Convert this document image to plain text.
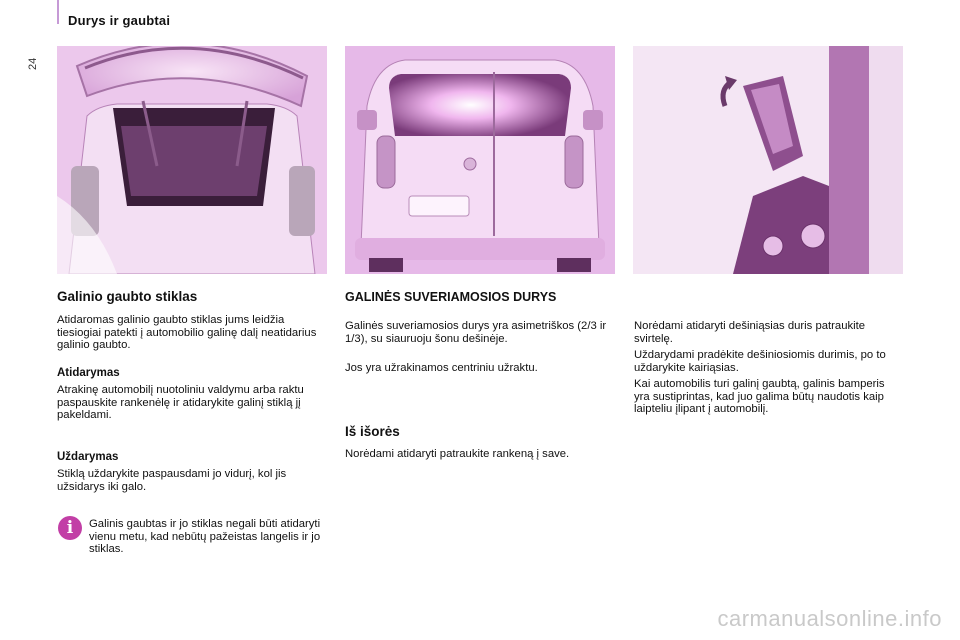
Durys ir gaubtai
24
Galinio gaubto stiklas
Atidaromas galinio gaubto stiklas jums leidžia tiesiogiai patekti į automobilio galinę dalį neatidarius galinio gaubto.
Atidarymas
Atrakinę automobilį nuotoliniu valdymu arba raktu paspauskite rankenėlę ir atidarykite galinį stiklą jį pakeldami.
Uždarymas
Stiklą uždarykite paspausdami jo vidurį, kol jis užsidarys iki galo.
i	Galinis gaubtas ir jo stiklas negali būti atidaryti vienu metu, kad nebūtų pažeistas langelis ir jo stiklas.
GALINĖS SUVERIAMOSIOS DURYS
Galinės suveriamosios durys yra asimetriškos (2/3 ir 1/3), su siauruoju šonu dešinėje.
Jos yra užrakinamos centriniu užraktu.
Iš išorės
Norėdami atidaryti patraukite rankeną į save.
Norėdami atidaryti dešiniąsias duris patraukite svirtelę.
Uždarydami pradėkite dešiniosiomis durimis, po to uždarykite kairiąsias.
Kai automobilis turi galinį gaubtą, galinis bamperis yra sustiprintas, kad juo galima būtų naudotis kaip laipteliu įlipant į automobilį.
carmanualsonline.info
